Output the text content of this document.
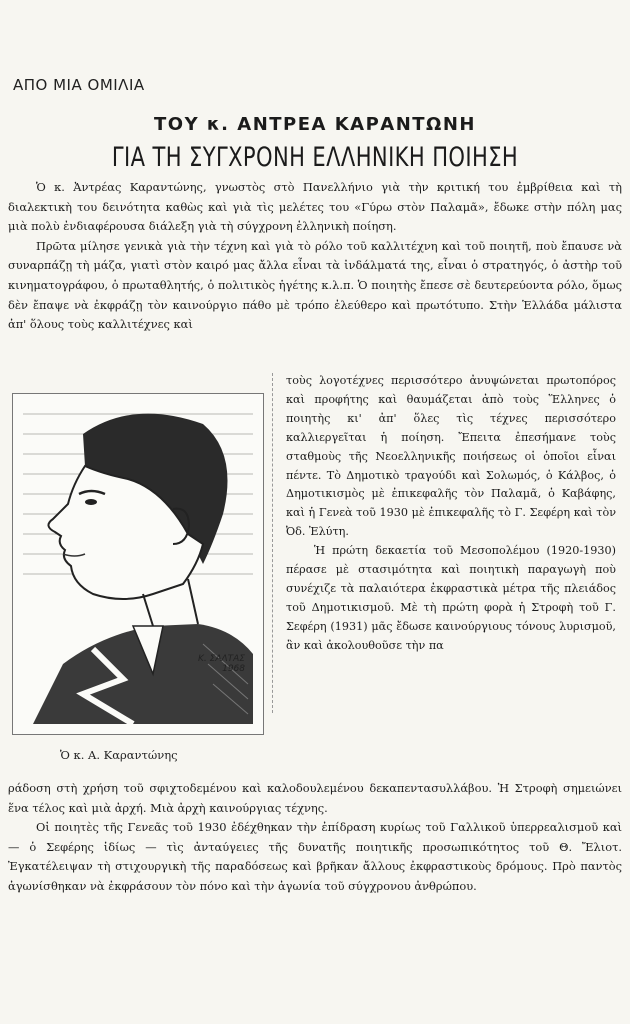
ΑΠΟ ΜΙΑ ΟΜΙΛΙΑ
ΤΟΥ κ. ΑΝΤΡΕΑ ΚΑΡΑΝΤΩΝΗ
ΓΙΑ ΤΗ ΣΥΓΧΡΟΝΗ ΕΛΛΗΝΙΚΗ ΠΟΙΗΣΗ

Ὁ κ. Ἀντρέας Καραντώνης, γνωστὸς στὸ Πανελλήνιο γιὰ τὴν κριτική του ἐμβρίθεια καὶ τὴ διαλεκτικὴ του δεινότητα καθὼς καὶ γιὰ τὶς μελέτες του «Γύρω στὸν Παλαμᾶ», ἔδωκε στὴν πόλη μας μιὰ πολὺ ἐνδιαφέρουσα διάλεξη γιὰ τὴ σύγχρονη ἑλληνικὴ ποίηση.

Πρῶτα μίλησε γενικὰ γιὰ τὴν τέχνη καὶ γιὰ τὸ ρόλο τοῦ καλλιτέχνη καὶ τοῦ ποιητῆ, ποὺ ἔπαυσε νὰ συναρπάζῃ τὴ μάζα, γιατὶ στὸν καιρό μας ἄλλα εἶναι τὰ ἰνδάλματά της, εἶναι ὁ στρατηγός, ὁ ἀστὴρ τοῦ κινηματογράφου, ὁ πρωταθλητής, ὁ πολιτικὸς ἡγέτης κ.λ.π. Ὁ ποιητὴς ἔπεσε σὲ δευτερεύοντα ρόλο, ὅμως δὲν ἔπαψε νὰ ἐκφράζῃ τὸν καινούργιο πάθο μὲ τρόπο ἐλεύθερο καὶ πρωτότυπο. Στὴν Ἑλλάδα μάλιστα ἀπ' ὅλους τοὺς καλλιτέχνες καὶ

Κ. ΣΑΛΤΑΣ
1968

τοὺς λογοτέχνες περισσότερο ἀνυψώνεται πρωτοπόρος καὶ προφήτης καὶ θαυμάζεται ἀπὸ τοὺς Ἕλληνες ὁ ποιητὴς κι' ἀπ' ὅλες τὶς τέχνες περισσότερο καλλιεργεῖται ἡ ποίηση. Ἔπειτα ἐπεσήμανε τοὺς σταθμοὺς τῆς Νεοελληνικῆς ποιήσεως οἱ ὁποῖοι εἶναι πέντε. Τὸ Δημοτικὸ τραγούδι καὶ Σολωμός, ὁ Κάλβος, ὁ Δημοτικισμὸς μὲ ἐπικεφαλῆς τὸν Παλαμᾶ, ὁ Καβάφης, καὶ ἡ Γενεὰ τοῦ 1930 μὲ ἐπικεφαλῆς τὸ Γ. Σεφέρη καὶ τὸν Ὀδ. Ἐλύτη.

Ἡ πρώτη δεκαετία τοῦ Μεσοπολέμου (1920-1930) πέρασε μὲ στασιμότητα καὶ ποιητικὴ παραγωγὴ ποὺ συνέχιζε τὰ παλαιότερα ἐκφραστικὰ μέτρα τῆς πλειάδος τοῦ Δημοτικισμοῦ. Μὲ τὴ πρώτη φορὰ ἡ Στροφὴ τοῦ Γ. Σεφέρη (1931) μᾶς ἔδωσε καινούργιους τόνους λυρισμοῦ, ἂν καὶ ἀκολουθοῦσε τὴν πα

Ὁ κ. Α. Καραντώνης

ράδοση στὴ χρήση τοῦ σφιχτοδεμένου καὶ καλοδουλεμένου δεκαπεντασυλλάβου. Ἡ Στροφὴ σημειώνει ἕνα τέλος καὶ μιὰ ἀρχή. Μιὰ ἀρχὴ καινούργιας τέχνης.

Οἱ ποιητὲς τῆς Γενεᾶς τοῦ 1930 ἐδέχθηκαν τὴν ἐπίδραση κυρίως τοῦ Γαλλικοῦ ὑπερρεαλισμοῦ καὶ — ὁ Σεφέρης ἰδίως — τὶς ἀνταύγειες τῆς δυνατῆς ποιητικῆς προσωπικότητος τοῦ Θ. Ἔλιοτ. Ἐγκατέλειψαν τὴ στιχουργικὴ τῆς παραδόσεως καὶ βρῆκαν ἄλλους ἐκφραστικοὺς δρόμους. Πρὸ παντὸς ἀγωνίσθηκαν νὰ ἐκφράσουν τὸν πόνο καὶ τὴν ἀγωνία τοῦ σύγχρονου ἀνθρώπου.
